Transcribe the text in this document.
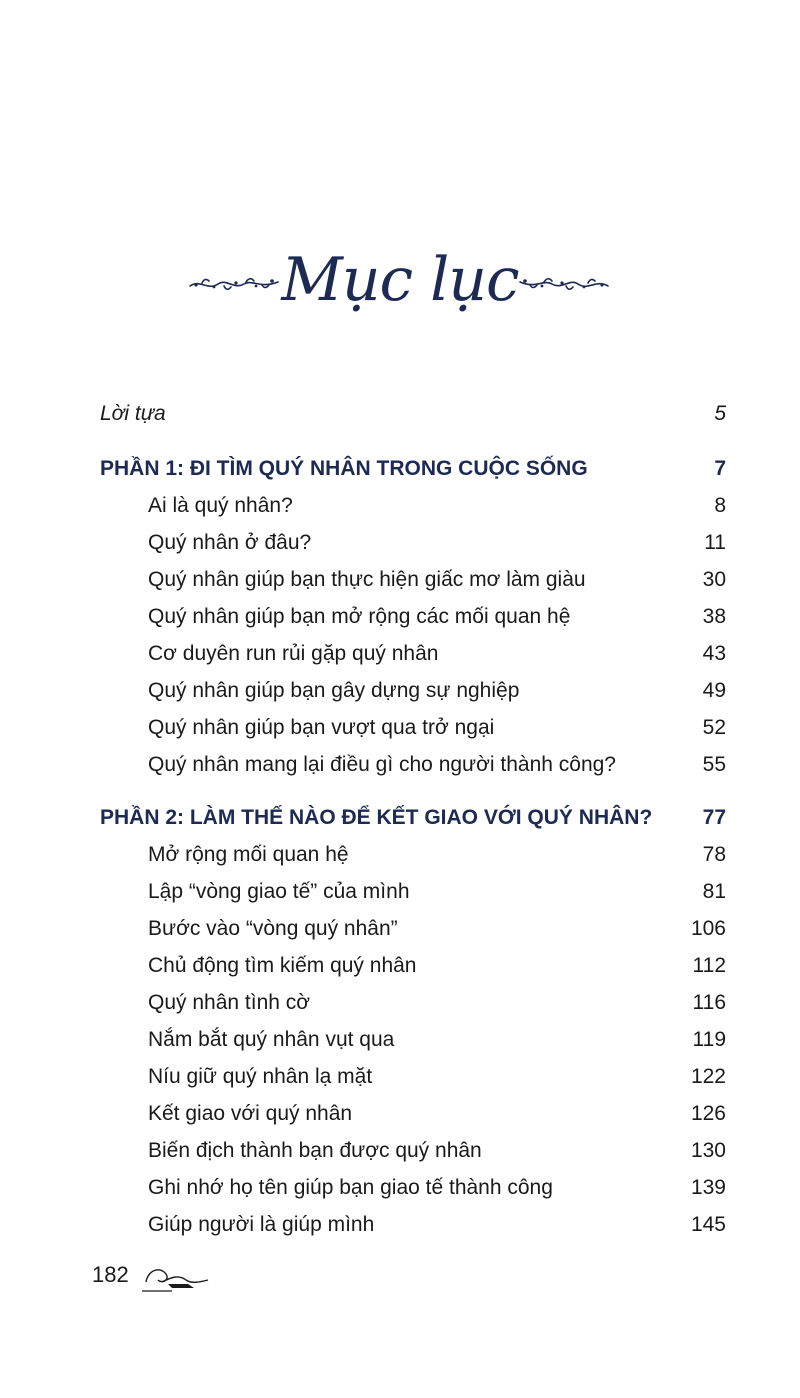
Mục lục
Lời tựa	5
PHẦN 1: ĐI TÌM QUÝ NHÂN TRONG CUỘC SỐNG	7
Ai là quý nhân?	8
Quý nhân ở đâu?	11
Quý nhân giúp bạn thực hiện giấc mơ làm giàu	30
Quý nhân giúp bạn mở rộng các mối quan hệ	38
Cơ duyên run rủi gặp quý nhân	43
Quý nhân giúp bạn gây dựng sự nghiệp	49
Quý nhân giúp bạn vượt qua trở ngại	52
Quý nhân mang lại điều gì cho người thành công?	55
PHẦN 2: LÀM THẾ NÀO ĐỂ KẾT GIAO VỚI QUÝ NHÂN? 77
Mở rộng mối quan hệ	78
Lập “vòng giao tế” của mình	81
Bước vào “vòng quý nhân”	106
Chủ động tìm kiếm quý nhân	112
Quý nhân tình cờ	116
Nắm bắt quý nhân vụt qua	119
Níu giữ quý nhân lạ mặt	122
Kết giao với quý nhân	126
Biến địch thành bạn được quý nhân	130
Ghi nhớ họ tên giúp bạn giao tế thành công	139
Giúp người là giúp mình	145
182
